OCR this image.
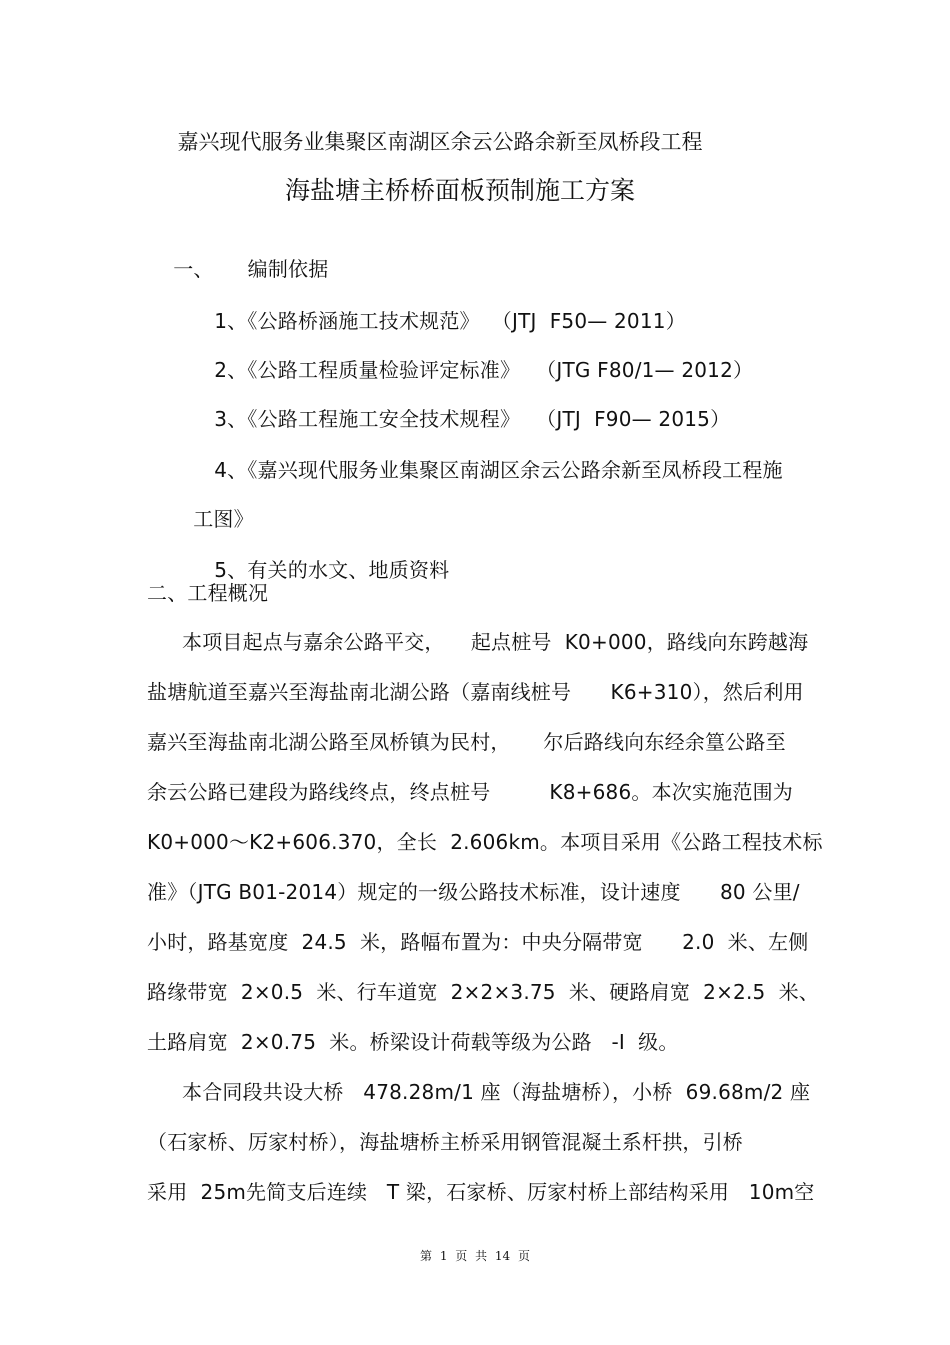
嘉兴现代服务业集聚区南湖区余云公路余新至凤桥段工程
海盐塘主桥桥面板预制施工方案

一、 编制依据

1、《公路桥涵施工技术规范》 （JTJ  F50— 2011）

2、《公路工程质量检验评定标准》 （JTG F80/1— 2012）

3、《公路工程施工安全技术规程》 （JTJ  F90— 2015）

4、《嘉兴现代服务业集聚区南湖区余云公路余新至凤桥段工程施

工图》

5、有关的水文、地质资料

二、工程概况
本项目起点与嘉余公路平交，    起点桩号  K0+000，路线向东跨越海
盐塘航道至嘉兴至海盐南北湖公路（嘉南线桩号      K6+310），然后利用
嘉兴至海盐南北湖公路至凤桥镇为民村，     尔后路线向东经余篁公路至
余云公路已建段为路线终点，终点桩号         K8+686。本次实施范围为
K0+000～K2+606.370，全长  2.606km。本项目采用《公路工程技术标
准》（JTG B01-2014）规定的一级公路技术标准，设计速度      80 公里/
小时，路基宽度  24.5  米，路幅布置为：中央分隔带宽      2.0  米、左侧
路缘带宽  2×0.5  米、行车道宽  2×2×3.75  米、硬路肩宽  2×2.5  米、
土路肩宽  2×0.75  米。桥梁设计荷载等级为公路   -I  级。
本合同段共设大桥   478.28m/1 座（海盐塘桥），小桥  69.68m/2 座
（石家桥、厉家村桥），海盐塘桥主桥采用钢管混凝土系杆拱，引桥
采用  25m先简支后连续   T 梁，石家桥、厉家村桥上部结构采用   10m空
第 1 页 共 14 页
